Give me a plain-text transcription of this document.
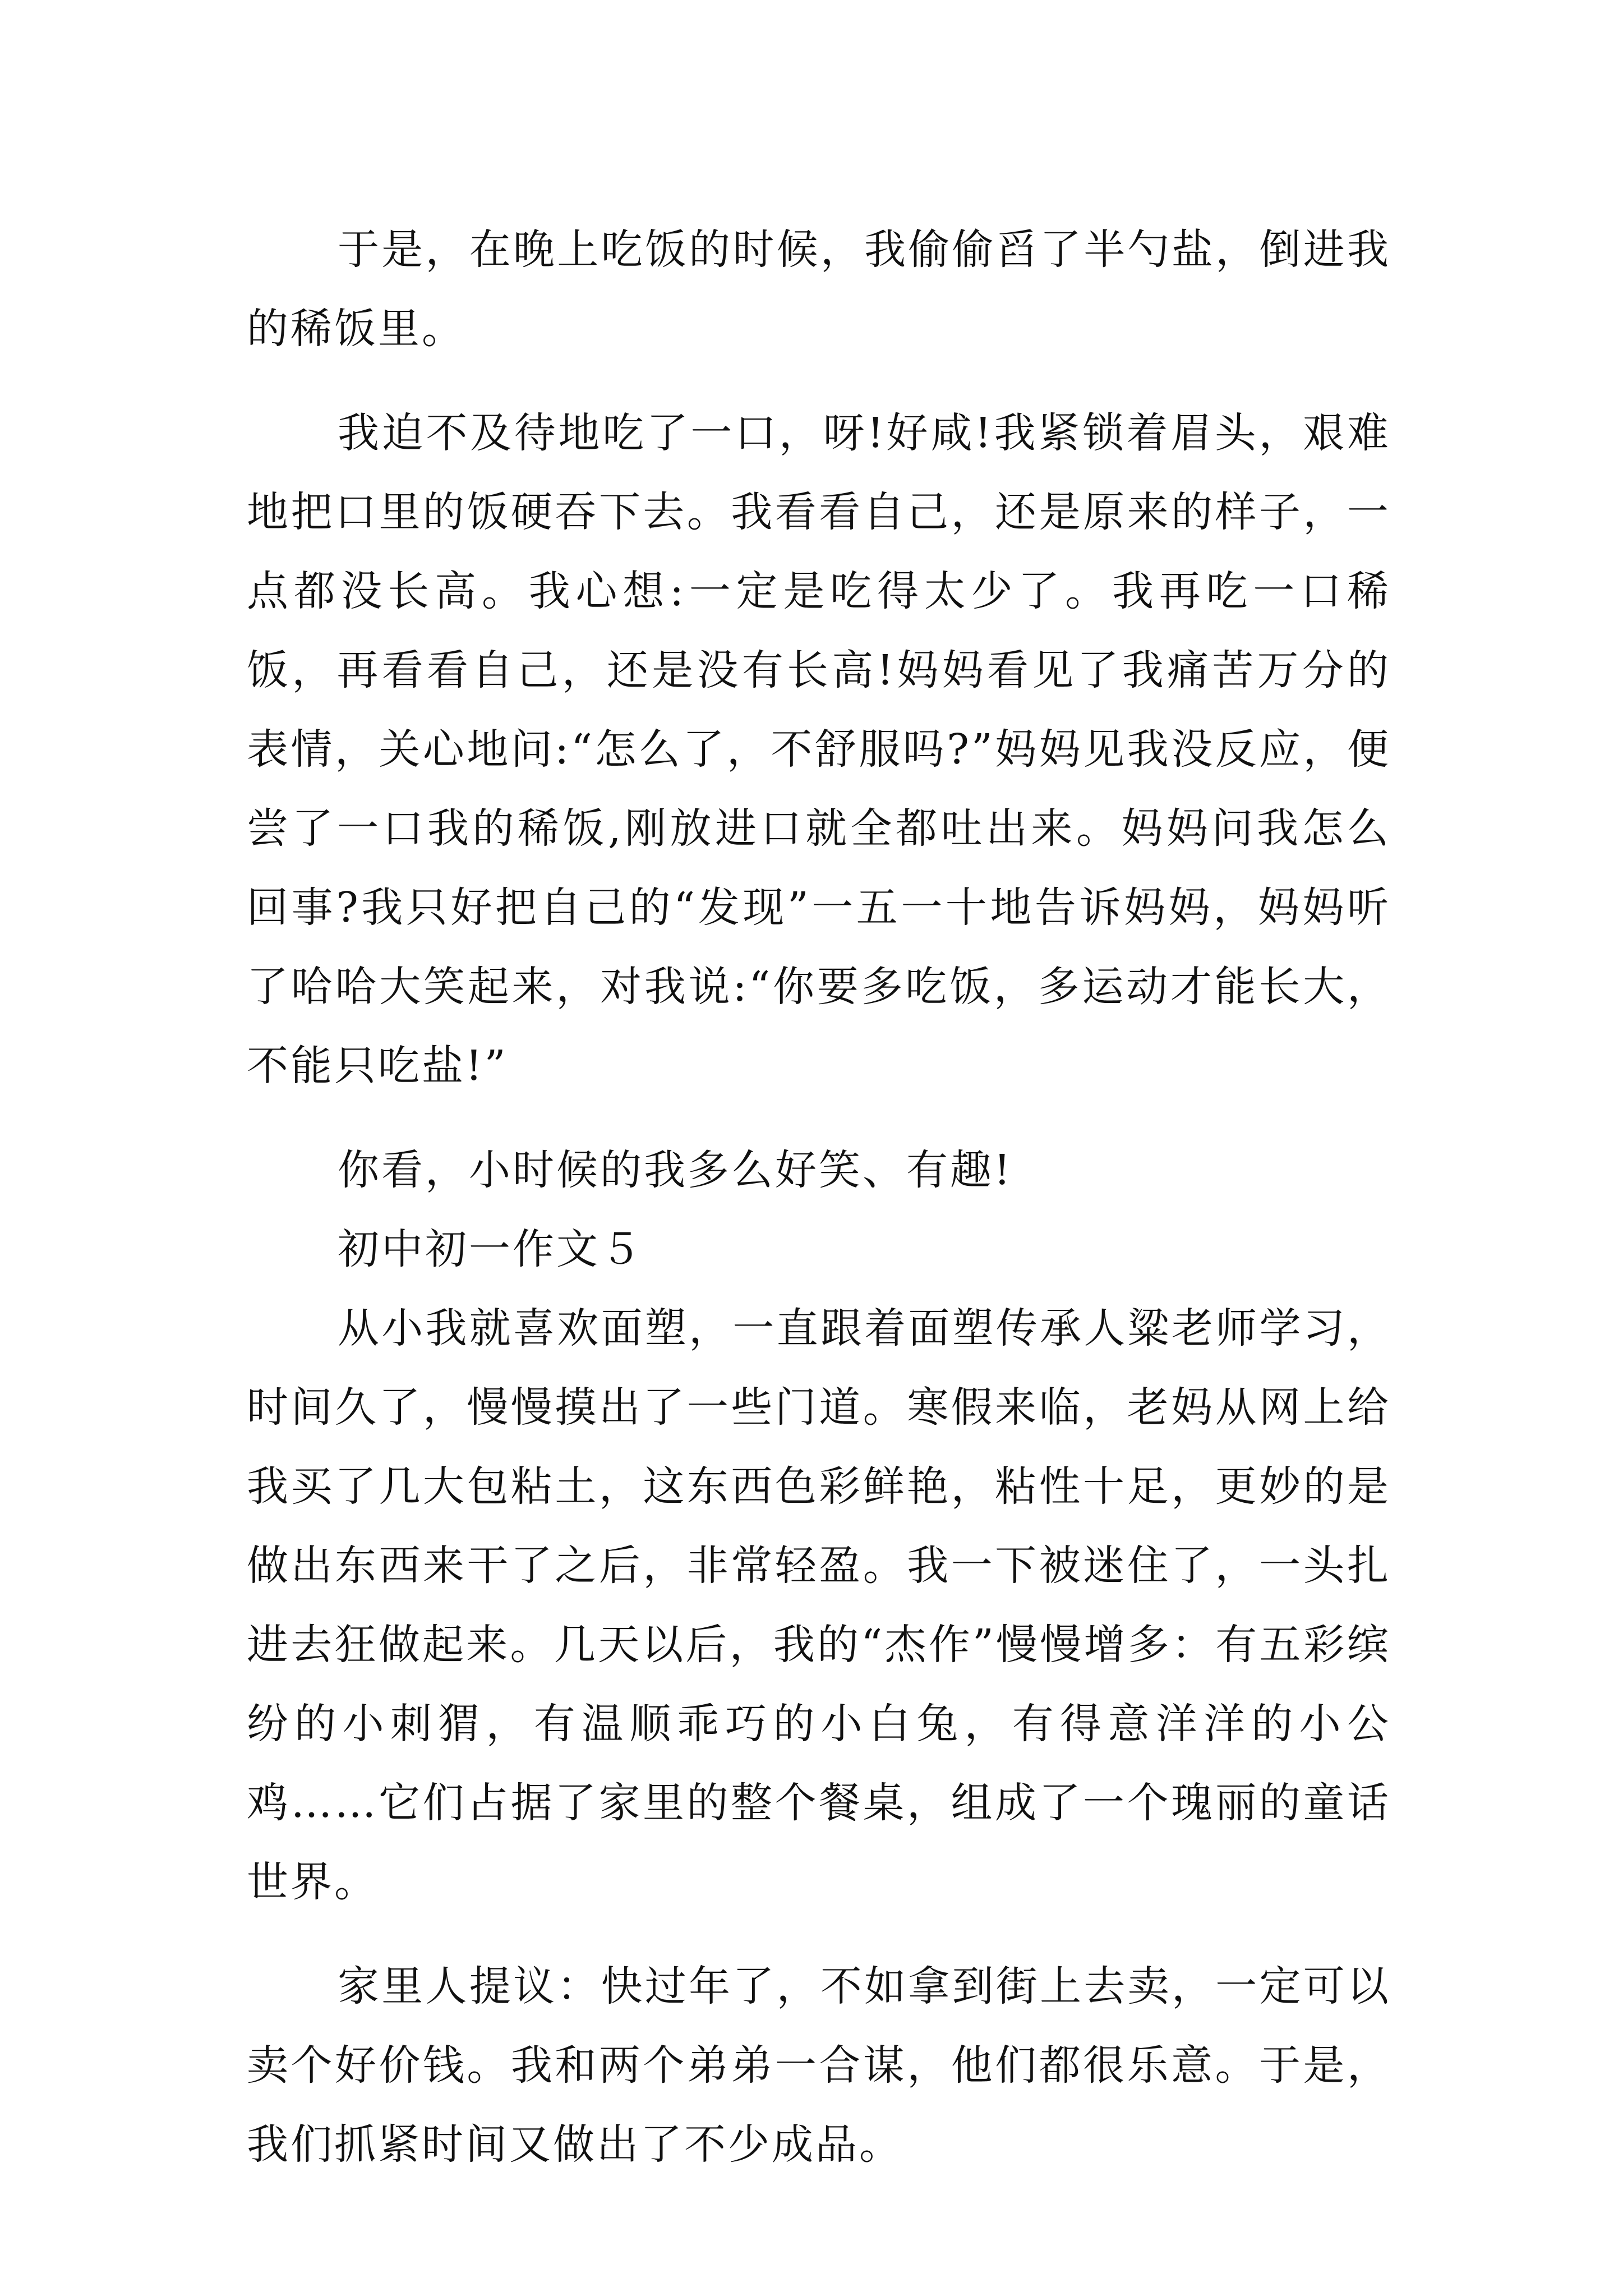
于是，在晚上吃饭的时候，我偷偷舀了半勺盐，倒进我的稀饭里。

我迫不及待地吃了一口，呀!好咸!我紧锁着眉头，艰难地把口里的饭硬吞下去。我看看自己，还是原来的样子，一点都没长高。我心想:一定是吃得太少了。我再吃一口稀饭，再看看自己，还是没有长高!妈妈看见了我痛苦万分的表情，关心地问:“怎么了，不舒服吗?”妈妈见我没反应，便尝了一口我的稀饭,刚放进口就全都吐出来。妈妈问我怎么回事?我只好把自己的“发现”一五一十地告诉妈妈，妈妈听了哈哈大笑起来，对我说:“你要多吃饭，多运动才能长大，不能只吃盐!”

你看，小时候的我多么好笑、有趣!

初中初一作文５

从小我就喜欢面塑，一直跟着面塑传承人粱老师学习，时间久了，慢慢摸出了一些门道。寒假来临，老妈从网上给我买了几大包粘土，这东西色彩鲜艳，粘性十足，更妙的是做出东西来干了之后，非常轻盈。我一下被迷住了，一头扎进去狂做起来。几天以后，我的“杰作”慢慢增多：有五彩缤纷的小刺猬，有温顺乖巧的小白兔，有得意洋洋的小公鸡……它们占据了家里的整个餐桌，组成了一个瑰丽的童话世界。

家里人提议：快过年了，不如拿到街上去卖，一定可以卖个好价钱。我和两个弟弟一合谋，他们都很乐意。于是，我们抓紧时间又做出了不少成品。
